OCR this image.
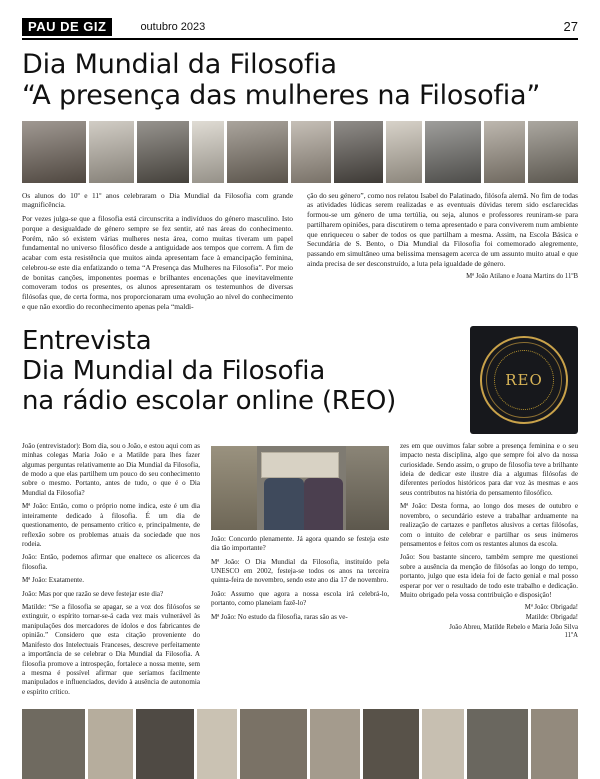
PAU DE GIZ	outubro 2023	27
Dia Mundial da Filosofia
“A presença das mulheres na Filosofia”

Os alunos do 10º e 11º anos celebraram o Dia Mundial da Filosofia com grande magnificência.

Por vezes julga-se que a filosofia está circunscrita a indivíduos do género masculino. Isto porque a desigualdade de género sempre se fez sentir, até nas áreas do conhecimento. Porém, não só existem várias mulheres nesta área, como muitas tiveram um papel fundamental no universo filosófico desde a antiguidade aos tempos que correm. A fim de acabar com esta resistência que muitos ainda apresentam face à emancipação feminina, celebrou-se este dia enfatizando o tema “A Presença das Mulheres na Filosofia”. Por meio de bonitas canções, imponentes poemas e brilhantes encenações que inevitavelmente comoveram todos os presentes, os alunos apresentaram os testemunhos de diversas filósofas que, de certa forma, nos proporcionaram uma evolução ao nível do conhecimento e que não exordio do reconhecimento apenas pela “maldi-

ção do seu género”, como nos relatou Isabel do Palatinado, filósofa alemã. No fim de todas as atividades lúdicas serem realizadas e as eventuais dúvidas terem sido esclarecidas formou-se um género de uma tertúlia, ou seja, alunos e professores reuniram-se para partilharem opiniões, para discutirem o tema apresentado e para conviverem num ambiente que enriqueceu o saber de todos os que partilham a mesma. Assim, na Escola Básica e Secundária de S. Bento, o Dia Mundial da Filosofia foi comemorado alegremente, passando em simultâneo uma belissima mensagem acerca de um assunto muito atual e que ainda precisa de ser desconstruído, a luta pela igualdade de género.

Mª João Atilano e Joana Martins do 11ºB

Entrevista
Dia Mundial da Filosofia
na rádio escolar online (REO)
REO

João (entrevistador): Bom dia, sou o João, e estou aqui com as minhas colegas Maria João e a Matilde para lhes fazer algumas perguntas relativamente ao Dia Mundial da Filosofia, de modo a que elas partilhem um pouco do seu conhecimento sobre o mesmo. Portanto, antes de tudo, o que é o Dia Mundial da Filosofia?

Mª João: Então, como o próprio nome indica, este é um dia inteiramente dedicado à filosofia. É um dia de questionamento, de pensamento crítico e, principalmente, de reflexão sobre os problemas atuais da sociedade que nos rodeia.

João: Então, podemos afirmar que enaltece os alicerces da filosofia.

Mª João: Exatamente.

João: Mas por que razão se deve festejar este dia?

Matilde: “Se a filosofia se apagar, se a voz dos filósofos se extinguir, o espírito tornar-se-á cada vez mais vulnerável às manipulações dos mercadores de ídolos e dos fabricantes de opinião.” Considero que esta citação proveniente do Manifesto dos Intelectuais Franceses, descreve perfeitamente a importância de se celebrar o Dia Mundial da Filosofia. A filosofia promove a introspeção, fortalece a nossa mente, sem a mesma é possível afirmar que seríamos facilmente manipulados e influenciados, devido à ausência de autonomia e espírito crítico.

João: Concordo plenamente. Já agora quando se festeja este dia tão importante?

Mª João: O Dia Mundial da Filosofia, instituído pela UNESCO em 2002, festeja-se todos os anos na terceira quinta-feira de novembro, sendo este ano dia 17 de novembro.

João: Assumo que agora a nossa escola irá celebrá-lo, portanto, como planeiam fazê-lo?

Mª João: No estudo da filosofia, raras são as ve-

zes em que ouvimos falar sobre a presença feminina e o seu impacto nesta disciplina, algo que sempre foi alvo da nossa curiosidade. Sendo assim, o grupo de filosofia teve a brilhante ideia de dedicar este ilustre dia a algumas filósofas de diferentes períodos históricos para dar voz às mesmas e aos seus contributos na história do pensamento filosófico.

Mª João: Desta forma, ao longo dos meses de outubro e novembro, o secundário esteve a trabalhar arduamente na realização de cartazes e panfletos alusivos a certas filósofas, com o intuito de celebrar e partilhar os seus inúmeros pensamentos e feitos com os restantes alunos da escola.

João: Sou bastante sincero, também sempre me questionei sobre a ausência da menção de filósofas ao longo do tempo, portanto, julgo que esta ideia foi de facto genial e mal posso esperar por ver o resultado de todo este trabalho e dedicação. Muito obrigado pela vossa contribuição e disposição!

Mª João: Obrigada!

Matilde: Obrigada!

João Abreu, Matilde Rebelo e Maria João Silva

11ºA
